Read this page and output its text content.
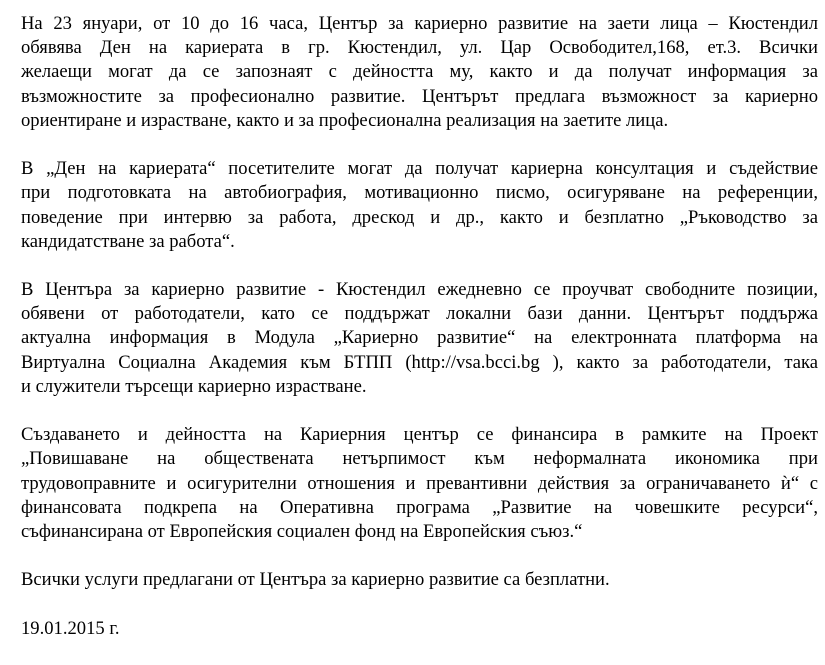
На 23 януари, от 10 до 16 часа, Център за кариерно развитие на заети лица – Кюстендил
обявява Ден на кариерата в гр. Кюстендил, ул. Цар Освободител,168, ет.3. Всички
желаещи могат да се запознаят с дейността му, както и да получат информация за
възможностите за професионално развитие. Центърът предлага възможност за кариерно
ориентиране и израстване, както и за професионална реализация на заетите лица.
В „Ден на кариерата“ посетителите могат да получат кариерна консултация и съдействие
при подготовката на автобиография, мотивационно писмо, осигуряване на референции,
поведение при интервю за работа, дрескод и др., както и безплатно „Ръководство за
кандидатстване за работа“.
В Центъра за кариерно развитие - Кюстендил ежедневно се проучват свободните позиции,
обявени от работодатели, като се поддържат локални бази данни. Центърът поддържа
актуална информация в Модула „Кариерно развитие“ на електронната платформа на
Виртуална Социална Академия към БТПП (http://vsa.bcci.bg ), както за работодатели, така
и служители търсещи кариерно израстване.
Създаването и дейността на Кариерния център се финансира в рамките на Проект
„Повишаване на обществената нетърпимост към неформалната икономика при
трудовоправните и осигурителни отношения и превантивни действия за ограничаването ѝ“ с
финансовата подкрепа на Оперативна програма „Развитие на човешките ресурси“,
съфинансирана от Европейския социален фонд на Европейския съюз.“
Всички услуги предлагани от Центъра за кариерно развитие са безплатни.
19.01.2015 г.
